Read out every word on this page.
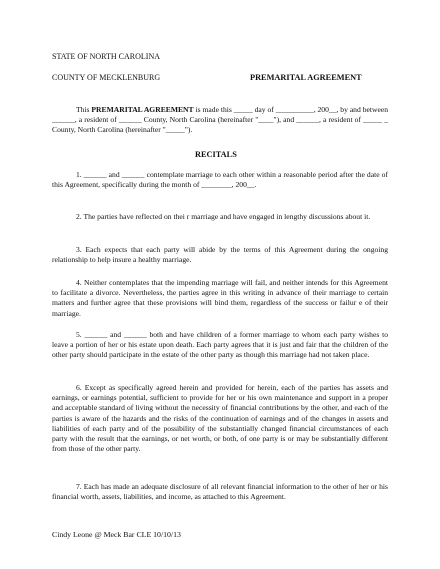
STATE OF NORTH CAROLINA
COUNTY OF MECKLENBURG	PREMARITAL AGREEMENT
This PREMARITAL AGREEMENT is made this _____ day of __________, 200__, by and between ______, a resident of ______ County, North Carolina (hereinafter "____"), and ______, a resident of _____ _ County, North Carolina (hereinafter "_____").
RECITALS
1. ______ and ______ contemplate marriage to each other within a reasonable period after the date of this Agreement, specifically during the month of ________, 200__.
2. The parties have reflected on thei r marriage and have engaged in lengthy discussions about it.
3. Each expects that each party will abide by the terms of this Agreement during the ongoing relationship to help insure a healthy marriage.
4. Neither contemplates that the impending marriage will fail, and neither intends for this Agreement to facilitate a divorce. Nevertheless, the parties agree in this writing in advance of their marriage to certain matters and further agree that these provisions will bind them, regardless of the success or failur e of their marriage.
5. ______ and ______ both and have children of a former marriage to whom each party wishes to leave a portion of her or his estate upon death. Each party agrees that it is just and fair that the children of the other party should participate in the estate of the other party as though this marriage had not taken place.
6. Except as specifically agreed herein and provided for herein, each of the parties has assets and earnings, or earnings potential, sufficient to provide for her or his own maintenance and support in a proper and acceptable standard of living without the necessity of financial contributions by the other, and each of the parties is aware of the hazards and the risks of the continuation of earnings and of the changes in assets and liabilities of each party and of the possibility of the substantially changed financial circumstances of each party with the result that the earnings, or net worth, or both, of one party is or may be substantially different from those of the other party.
7. Each has made an adequate disclosure of all relevant financial information to the other of her or his financial worth, assets, liabilities, and income, as attached to this Agreement.
Cindy Leone @ Meck Bar CLE 10/10/13
